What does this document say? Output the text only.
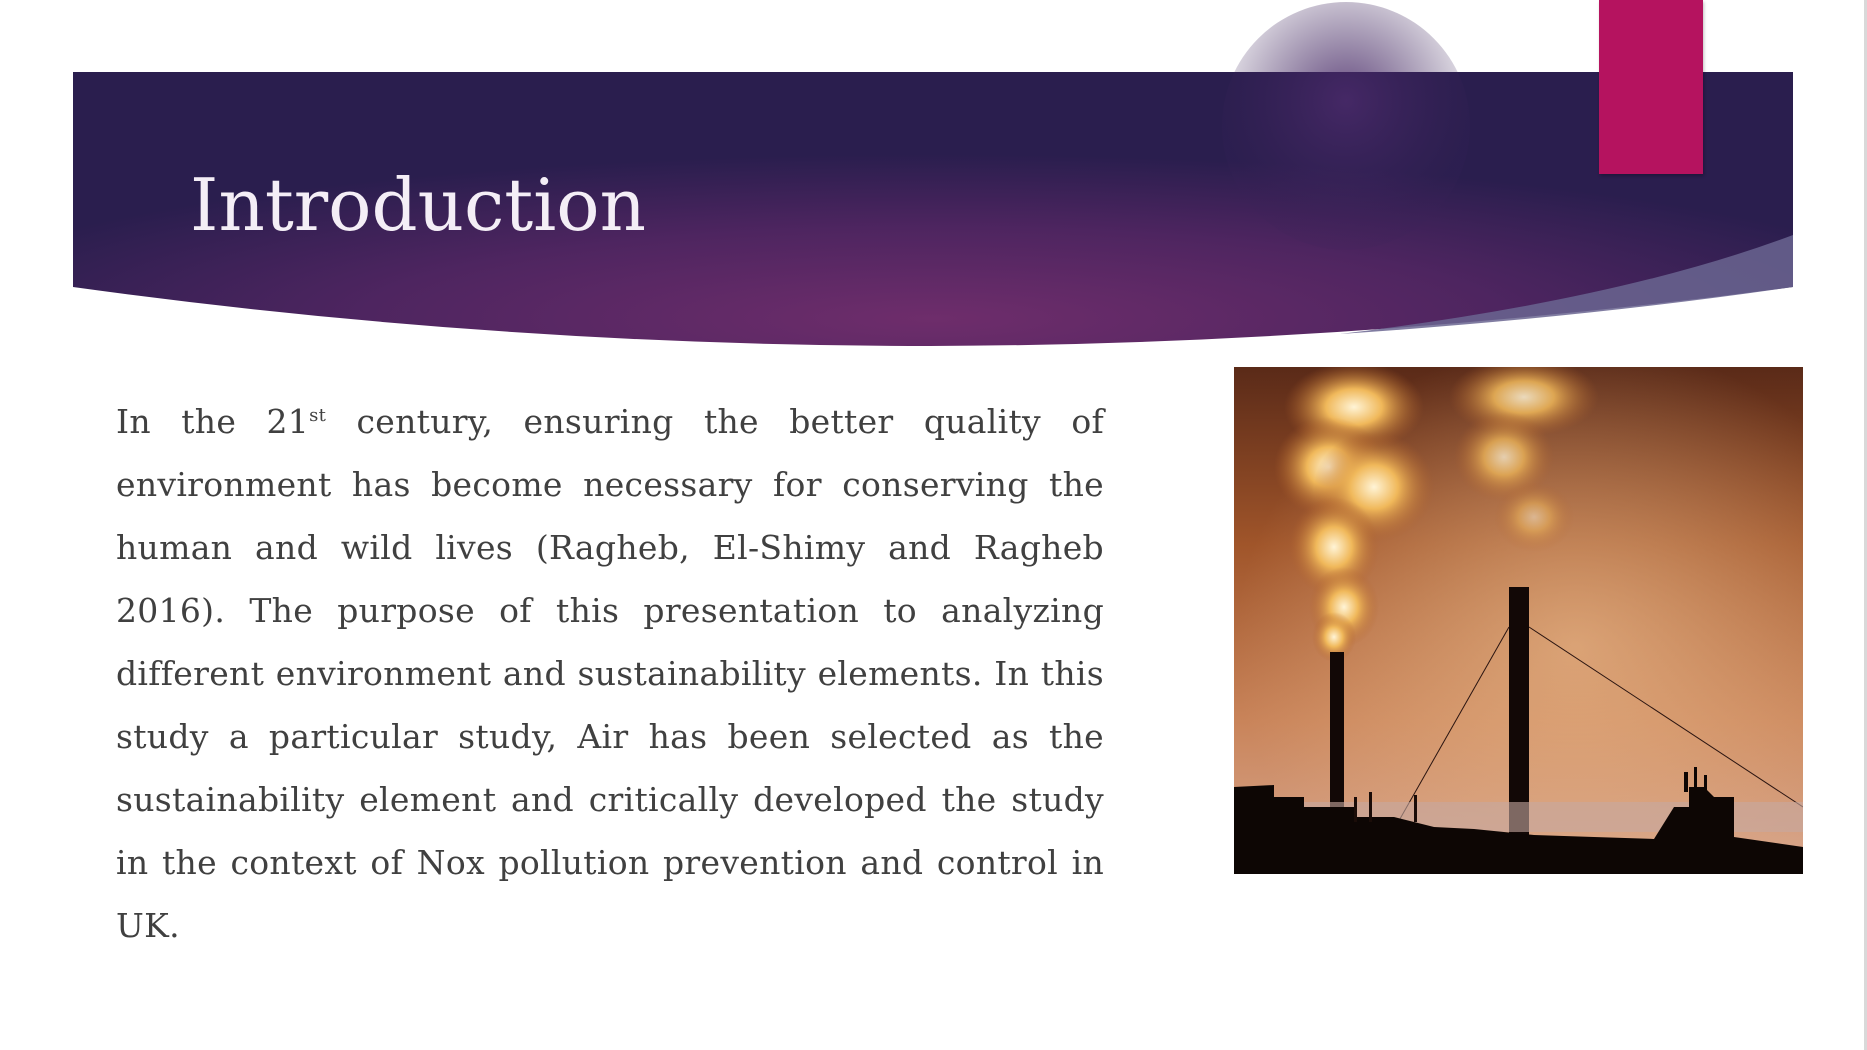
Introduction
In the 21st century, ensuring the better quality of environment has become necessary for conserving the human and wild lives (Ragheb, El-Shimy and Ragheb 2016). The purpose of this presentation to analyzing different environment and sustainability elements. In this study a particular study, Air has been selected as the sustainability element and critically developed the study in the context of Nox pollution prevention and control in UK.
